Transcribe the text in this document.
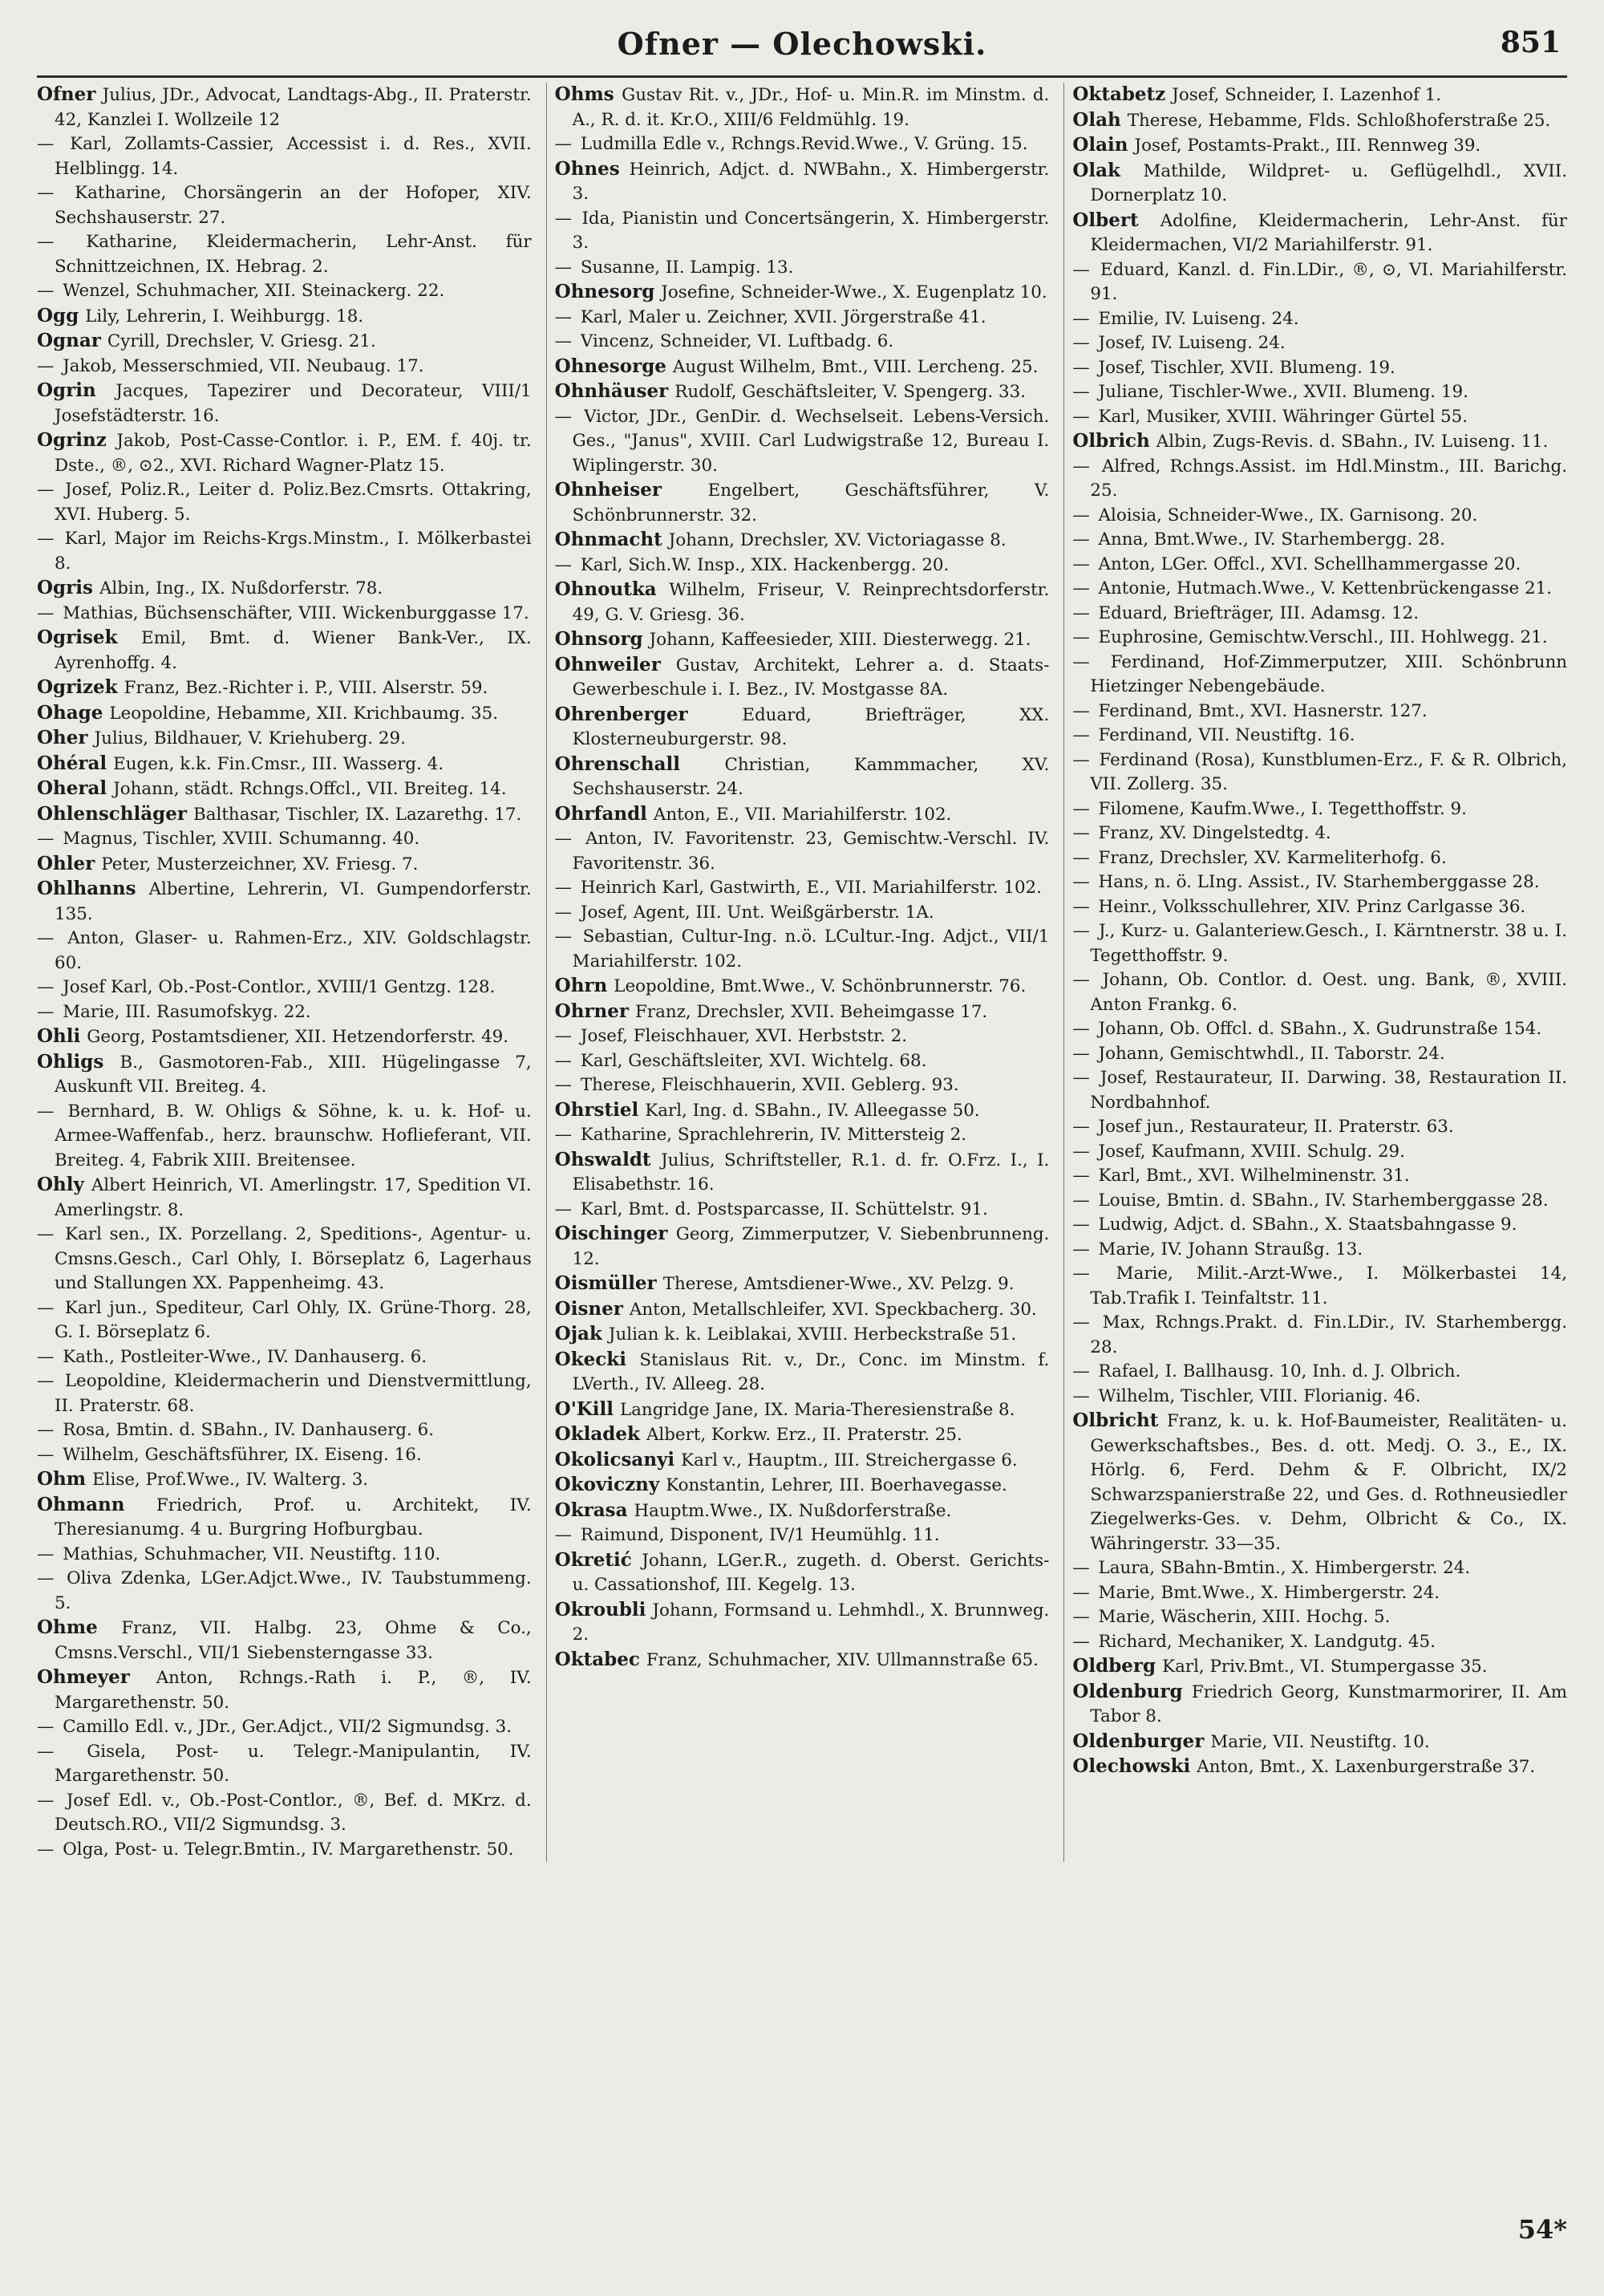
Ofner — Olechowski.	851

Ofner Julius, JDr., Advocat, Landtags-Abg., II. Praterstr. 42, Kanzlei I. Wollzeile 12

— Karl, Zollamts-Cassier, Accessist i. d. Res., XVII. Helblingg. 14.

— Katharine, Chorsängerin an der Hofoper, XIV. Sechshauserstr. 27.

— Katharine, Kleidermacherin, Lehr-Anst. für Schnittzeichnen, IX. Hebrag. 2.

— Wenzel, Schuhmacher, XII. Steinackerg. 22.

Ogg Lily, Lehrerin, I. Weihburgg. 18.

Ognar Cyrill, Drechsler, V. Griesg. 21.

— Jakob, Messerschmied, VII. Neubaug. 17.

Ogrin Jacques, Tapezirer und Decorateur, VIII/1 Josefstädterstr. 16.

Ogrinz Jakob, Post-Casse-Contlor. i. P., EM. f. 40j. tr. Dste., ®, ⊙2., XVI. Richard Wagner-Platz 15.

— Josef, Poliz.R., Leiter d. Poliz.Bez.Cmsrts. Ottakring, XVI. Huberg. 5.

— Karl, Major im Reichs-Krgs.Minstm., I. Mölkerbastei 8.

Ogris Albin, Ing., IX. Nußdorferstr. 78.

— Mathias, Büchsenschäfter, VIII. Wickenburggasse 17.

Ogrisek Emil, Bmt. d. Wiener Bank-Ver., IX. Ayrenhoffg. 4.

Ogrizek Franz, Bez.-Richter i. P., VIII. Alserstr. 59.

Ohage Leopoldine, Hebamme, XII. Krichbaumg. 35.

Oher Julius, Bildhauer, V. Kriehuberg. 29.

Ohéral Eugen, k.k. Fin.Cmsr., III. Wasserg. 4.

Oheral Johann, städt. Rchngs.Offcl., VII. Breiteg. 14.

Ohlenschläger Balthasar, Tischler, IX. Lazarethg. 17.

— Magnus, Tischler, XVIII. Schumanng. 40.

Ohler Peter, Musterzeichner, XV. Friesg. 7.

Ohlhanns Albertine, Lehrerin, VI. Gumpendorferstr. 135.

— Anton, Glaser- u. Rahmen-Erz., XIV. Goldschlagstr. 60.

— Josef Karl, Ob.-Post-Contlor., XVIII/1 Gentzg. 128.

— Marie, III. Rasumofskyg. 22.

Ohli Georg, Postamtsdiener, XII. Hetzendorferstr. 49.

Ohligs B., Gasmotoren-Fab., XIII. Hügelingasse 7, Auskunft VII. Breiteg. 4.

— Bernhard, B. W. Ohligs & Söhne, k. u. k. Hof- u. Armee-Waffenfab., herz. braunschw. Hoflieferant, VII. Breiteg. 4, Fabrik XIII. Breitensee.

Ohly Albert Heinrich, VI. Amerlingstr. 17, Spedition VI. Amerlingstr. 8.

— Karl sen., IX. Porzellang. 2, Speditions-, Agentur- u. Cmsns.Gesch., Carl Ohly, I. Börseplatz 6, Lagerhaus und Stallungen XX. Pappenheimg. 43.

— Karl jun., Spediteur, Carl Ohly, IX. Grüne-Thorg. 28, G. I. Börseplatz 6.

— Kath., Postleiter-Wwe., IV. Danhauserg. 6.

— Leopoldine, Kleidermacherin und Dienstvermittlung, II. Praterstr. 68.

— Rosa, Bmtin. d. SBahn., IV. Danhauserg. 6.

— Wilhelm, Geschäftsführer, IX. Eiseng. 16.

Ohm Elise, Prof.Wwe., IV. Walterg. 3.

Ohmann Friedrich, Prof. u. Architekt, IV. Theresianumg. 4 u. Burgring Hofburgbau.

— Mathias, Schuhmacher, VII. Neustiftg. 110.

— Oliva Zdenka, LGer.Adjct.Wwe., IV. Taubstummeng. 5.

Ohme Franz, VII. Halbg. 23, Ohme & Co., Cmsns.Verschl., VII/1 Siebensterngasse 33.

Ohmeyer Anton, Rchngs.-Rath i. P., ®, IV. Margarethenstr. 50.

— Camillo Edl. v., JDr., Ger.Adjct., VII/2 Sigmundsg. 3.

— Gisela, Post- u. Telegr.-Manipulantin, IV. Margarethenstr. 50.

— Josef Edl. v., Ob.-Post-Contlor., ®, Bef. d. MKrz. d. Deutsch.RO., VII/2 Sigmundsg. 3.

— Olga, Post- u. Telegr.Bmtin., IV. Margarethenstr. 50.

Ohms Gustav Rit. v., JDr., Hof- u. Min.R. im Minstm. d. A., R. d. it. Kr.O., XIII/6 Feldmühlg. 19.

— Ludmilla Edle v., Rchngs.Revid.Wwe., V. Grüng. 15.

Ohnes Heinrich, Adjct. d. NWBahn., X. Himbergerstr. 3.

— Ida, Pianistin und Concertsängerin, X. Himbergerstr. 3.

— Susanne, II. Lampig. 13.

Ohnesorg Josefine, Schneider-Wwe., X. Eugenplatz 10.

— Karl, Maler u. Zeichner, XVII. Jörgerstraße 41.

— Vincenz, Schneider, VI. Luftbadg. 6.

Ohnesorge August Wilhelm, Bmt., VIII. Lercheng. 25.

Ohnhäuser Rudolf, Geschäftsleiter, V. Spengerg. 33.

— Victor, JDr., GenDir. d. Wechselseit. Lebens-Versich. Ges., "Janus", XVIII. Carl Ludwigstraße 12, Bureau I. Wiplingerstr. 30.

Ohnheiser Engelbert, Geschäftsführer, V. Schönbrunnerstr. 32.

Ohnmacht Johann, Drechsler, XV. Victoriagasse 8.

— Karl, Sich.W. Insp., XIX. Hackenbergg. 20.

Ohnoutka Wilhelm, Friseur, V. Reinprechtsdorferstr. 49, G. V. Griesg. 36.

Ohnsorg Johann, Kaffeesieder, XIII. Diesterwegg. 21.

Ohnweiler Gustav, Architekt, Lehrer a. d. Staats-Gewerbeschule i. I. Bez., IV. Mostgasse 8A.

Ohrenberger Eduard, Briefträger, XX. Klosterneuburgerstr. 98.

Ohrenschall Christian, Kammmacher, XV. Sechshauserstr. 24.

Ohrfandl Anton, E., VII. Mariahilferstr. 102.

— Anton, IV. Favoritenstr. 23, Gemischtw.-Verschl. IV. Favoritenstr. 36.

— Heinrich Karl, Gastwirth, E., VII. Mariahilferstr. 102.

— Josef, Agent, III. Unt. Weißgärberstr. 1A.

— Sebastian, Cultur-Ing. n.ö. LCultur.-Ing. Adjct., VII/1 Mariahilferstr. 102.

Ohrn Leopoldine, Bmt.Wwe., V. Schönbrunnerstr. 76.

Ohrner Franz, Drechsler, XVII. Beheimgasse 17.

— Josef, Fleischhauer, XVI. Herbststr. 2.

— Karl, Geschäftsleiter, XVI. Wichtelg. 68.

— Therese, Fleischhauerin, XVII. Geblerg. 93.

Ohrstiel Karl, Ing. d. SBahn., IV. Alleegasse 50.

— Katharine, Sprachlehrerin, IV. Mittersteig 2.

Ohswaldt Julius, Schriftsteller, R.1. d. fr. O.Frz. I., I. Elisabethstr. 16.

— Karl, Bmt. d. Postsparcasse, II. Schüttelstr. 91.

Oischinger Georg, Zimmerputzer, V. Siebenbrunneng. 12.

Oismüller Therese, Amtsdiener-Wwe., XV. Pelzg. 9.

Oisner Anton, Metallschleifer, XVI. Speckbacherg. 30.

Ojak Julian k. k. Leiblakai, XVIII. Herbeckstraße 51.

Okecki Stanislaus Rit. v., Dr., Conc. im Minstm. f. LVerth., IV. Alleeg. 28.

O'Kill Langridge Jane, IX. Maria-Theresienstraße 8.

Okladek Albert, Korkw. Erz., II. Praterstr. 25.

Okolicsanyi Karl v., Hauptm., III. Streichergasse 6.

Okoviczny Konstantin, Lehrer, III. Boerhavegasse.

Okrasa Hauptm.Wwe., IX. Nußdorferstraße.

— Raimund, Disponent, IV/1 Heumühlg. 11.

Okretić Johann, LGer.R., zugeth. d. Oberst. Gerichts- u. Cassationshof, III. Kegelg. 13.

Okroubli Johann, Formsand u. Lehmhdl., X. Brunnweg. 2.

Oktabec Franz, Schuhmacher, XIV. Ullmannstraße 65.

Oktabetz Josef, Schneider, I. Lazenhof 1.

Olah Therese, Hebamme, Flds. Schloßhoferstraße 25.

Olain Josef, Postamts-Prakt., III. Rennweg 39.

Olak Mathilde, Wildpret- u. Geflügelhdl., XVII. Dornerplatz 10.

Olbert Adolfine, Kleidermacherin, Lehr-Anst. für Kleidermachen, VI/2 Mariahilferstr. 91.

— Eduard, Kanzl. d. Fin.LDir., ®, ⊙, VI. Mariahilferstr. 91.

— Emilie, IV. Luiseng. 24.

— Josef, IV. Luiseng. 24.

— Josef, Tischler, XVII. Blumeng. 19.

— Juliane, Tischler-Wwe., XVII. Blumeng. 19.

— Karl, Musiker, XVIII. Währinger Gürtel 55.

Olbrich Albin, Zugs-Revis. d. SBahn., IV. Luiseng. 11.

— Alfred, Rchngs.Assist. im Hdl.Minstm., III. Barichg. 25.

— Aloisia, Schneider-Wwe., IX. Garnisong. 20.

— Anna, Bmt.Wwe., IV. Starhembergg. 28.

— Anton, LGer. Offcl., XVI. Schellhammergasse 20.

— Antonie, Hutmach.Wwe., V. Kettenbrückengasse 21.

— Eduard, Briefträger, III. Adamsg. 12.

— Euphrosine, Gemischtw.Verschl., III. Hohlwegg. 21.

— Ferdinand, Hof-Zimmerputzer, XIII. Schönbrunn Hietzinger Nebengebäude.

— Ferdinand, Bmt., XVI. Hasnerstr. 127.

— Ferdinand, VII. Neustiftg. 16.

— Ferdinand (Rosa), Kunstblumen-Erz., F. & R. Olbrich, VII. Zollerg. 35.

— Filomene, Kaufm.Wwe., I. Tegetthoffstr. 9.

— Franz, XV. Dingelstedtg. 4.

— Franz, Drechsler, XV. Karmeliterhofg. 6.

— Hans, n. ö. LIng. Assist., IV. Starhemberggasse 28.

— Heinr., Volksschullehrer, XIV. Prinz Carlgasse 36.

— J., Kurz- u. Galanteriew.Gesch., I. Kärntnerstr. 38 u. I. Tegetthoffstr. 9.

— Johann, Ob. Contlor. d. Oest. ung. Bank, ®, XVIII. Anton Frankg. 6.

— Johann, Ob. Offcl. d. SBahn., X. Gudrunstraße 154.

— Johann, Gemischtwhdl., II. Taborstr. 24.

— Josef, Restaurateur, II. Darwing. 38, Restauration II. Nordbahnhof.

— Josef jun., Restaurateur, II. Praterstr. 63.

— Josef, Kaufmann, XVIII. Schulg. 29.

— Karl, Bmt., XVI. Wilhelminenstr. 31.

— Louise, Bmtin. d. SBahn., IV. Starhemberggasse 28.

— Ludwig, Adjct. d. SBahn., X. Staatsbahngasse 9.

— Marie, IV. Johann Straußg. 13.

— Marie, Milit.-Arzt-Wwe., I. Mölkerbastei 14, Tab.Trafik I. Teinfaltstr. 11.

— Max, Rchngs.Prakt. d. Fin.LDir., IV. Starhembergg. 28.

— Rafael, I. Ballhausg. 10, Inh. d. J. Olbrich.

— Wilhelm, Tischler, VIII. Florianig. 46.

Olbricht Franz, k. u. k. Hof-Baumeister, Realitäten- u. Gewerkschaftsbes., Bes. d. ott. Medj. O. 3., E., IX. Hörlg. 6, Ferd. Dehm & F. Olbricht, IX/2 Schwarzspanierstraße 22, und Ges. d. Rothneusiedler Ziegelwerks-Ges. v. Dehm, Olbricht & Co., IX. Währingerstr. 33—35.

— Laura, SBahn-Bmtin., X. Himbergerstr. 24.

— Marie, Bmt.Wwe., X. Himbergerstr. 24.

— Marie, Wäscherin, XIII. Hochg. 5.

— Richard, Mechaniker, X. Landgutg. 45.

Oldberg Karl, Priv.Bmt., VI. Stumpergasse 35.

Oldenburg Friedrich Georg, Kunstmarmorirer, II. Am Tabor 8.

Oldenburger Marie, VII. Neustiftg. 10.

Olechowski Anton, Bmt., X. Laxenburgerstraße 37.

54*
